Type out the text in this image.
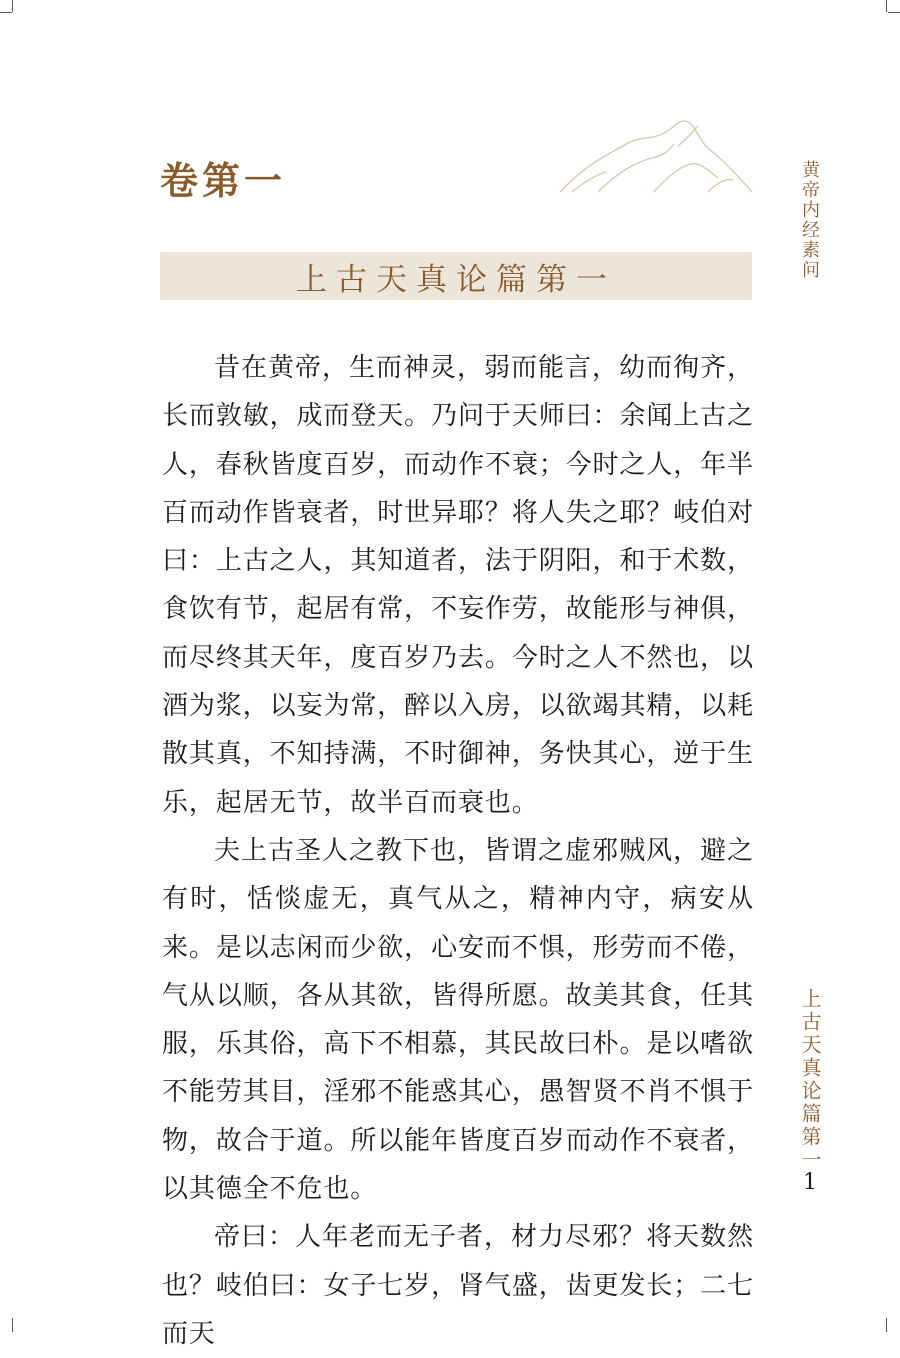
卷第一
上古天真论篇第一

昔在黄帝，生而神灵，弱而能言，幼而徇齐，长而敦敏，成而登天。乃问于天师曰：余闻上古之人，春秋皆度百岁，而动作不衰；今时之人，年半百而动作皆衰者，时世异耶？将人失之耶？岐伯对曰：上古之人，其知道者，法于阴阳，和于术数，食饮有节，起居有常，不妄作劳，故能形与神俱，而尽终其天年，度百岁乃去。今时之人不然也，以酒为浆，以妄为常，醉以入房，以欲竭其精，以耗散其真，不知持满，不时御神，务快其心，逆于生乐，起居无节，故半百而衰也。

夫上古圣人之教下也，皆谓之虚邪贼风，避之有时，恬惔虚无，真气从之，精神内守，病安从来。是以志闲而少欲，心安而不惧，形劳而不倦，气从以顺，各从其欲，皆得所愿。故美其食，任其服，乐其俗，高下不相慕，其民故曰朴。是以嗜欲不能劳其目，淫邪不能惑其心，愚智贤不肖不惧于物，故合于道。所以能年皆度百岁而动作不衰者，以其德全不危也。

帝曰：人年老而无子者，材力尽邪？将天数然也？岐伯曰：女子七岁，肾气盛，齿更发长；二七而天

黄帝内经素问
上古天真论篇第一
1
